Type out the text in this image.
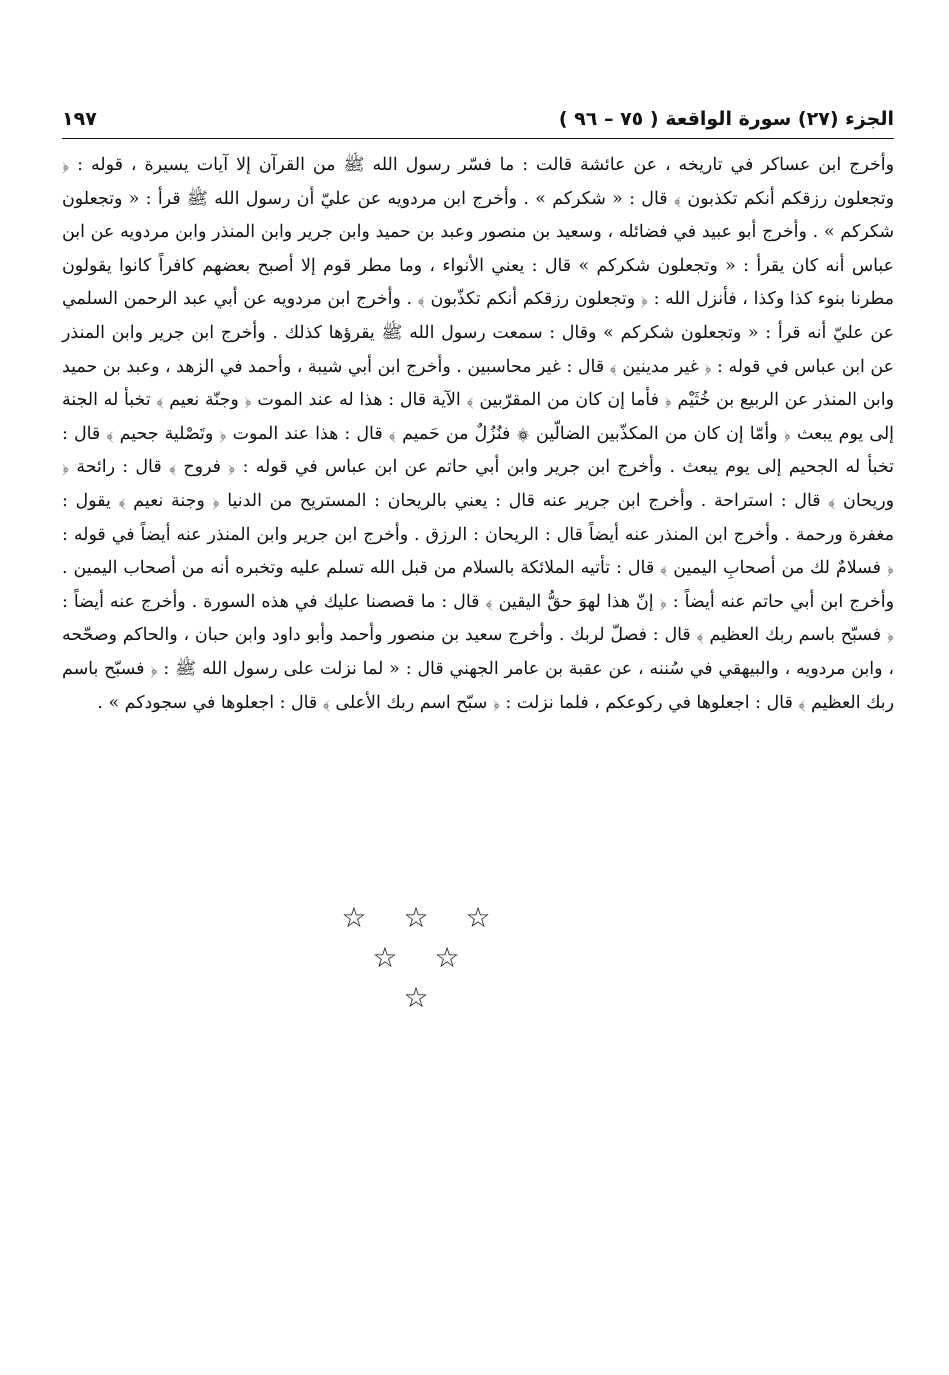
الجزء (٢٧) سورة الواقعة ( ٧٥ – ٩٦ )
١٩٧

وأخرج ابن عساكر في تاريخه ، عن عائشة قالت : ما فسّر رسول الله ﷺ من القرآن إلا آيات يسيرة ، قوله : ﴿ وتجعلون رزقكم أنكم تكذبون ﴾ قال : « شكركم » . وأخرج ابن مردويه عن عليّ أن رسول الله ﷺ قرأ : « وتجعلون شكركم » . وأخرج أبو عبيد في فضائله ، وسعيد بن منصور وعبد بن حميد وابن جرير وابن المنذر وابن مردويه عن ابن عباس أنه كان يقرأ : « وتجعلون شكركم » قال : يعني الأنواء ، وما مطر قوم إلا أصبح بعضهم كافراً كانوا يقولون مطرنا بنوء كذا وكذا ، فأنزل الله : ﴿ وتجعلون رزقكم أنكم تكذّبون ﴾ . وأخرج ابن مردويه عن أبي عبد الرحمن السلمي عن عليّ أنه قرأ : « وتجعلون شكركم » وقال : سمعت رسول الله ﷺ يقرؤها كذلك . وأخرج ابن جرير وابن المنذر عن ابن عباس في قوله : ﴿ غير مدينين ﴾ قال : غير محاسبين . وأخرج ابن أبي شيبة ، وأحمد في الزهد ، وعبد بن حميد وابن المنذر عن الربيع بن خُثَيْم ﴿ فأما إن كان من المقرّبين ﴾ الآية قال : هذا له عند الموت ﴿ وجنّة نعيم ﴾ تخبأ له الجنة إلى يوم يبعث ﴿ وأمّا إن كان من المكذّبين الضالّين ۞ فنُزُلٌ من حَميم ﴾ قال : هذا عند الموت ﴿ وتَصْلية جحيم ﴾ قال : تخبأ له الجحيم إلى يوم يبعث . وأخرج ابن جرير وابن أبي حاتم عن ابن عباس في قوله : ﴿ فروح ﴾ قال : رائحة ﴿ وريحان ﴾ قال : استراحة . وأخرج ابن جرير عنه قال : يعني بالريحان : المستريح من الدنيا ﴿ وجنة نعيم ﴾ يقول : مغفرة ورحمة . وأخرج ابن المنذر عنه أيضاً قال : الريحان : الرزق . وأخرج ابن جرير وابن المنذر عنه أيضاً في قوله : ﴿ فسلامٌ لك من أصحابِ اليمين ﴾ قال : تأتيه الملائكة بالسلام من قبل الله تسلم عليه وتخبره أنه من أصحاب اليمين . وأخرج ابن أبي حاتم عنه أيضاً : ﴿ إنّ هذا لهوَ حقُّ اليقين ﴾ قال : ما قصصنا عليك في هذه السورة . وأخرج عنه أيضاً : ﴿ فسبّح باسم ربك العظيم ﴾ قال : فصلّ لربك . وأخرج سعيد بن منصور وأحمد وأبو داود وابن حبان ، والحاكم وصحّحه ، وابن مردويه ، والبيهقي في سُننه ، عن عقبة بن عامر الجهني قال : « لما نزلت على رسول الله ﷺ : ﴿ فسبّح باسم ربك العظيم ﴾ قال : اجعلوها في ركوعكم ، فلما نزلت : ﴿ سبّح اسم ربك الأعلى ﴾ قال : اجعلوها في سجودكم » .

☆ ☆ ☆
☆ ☆
☆
